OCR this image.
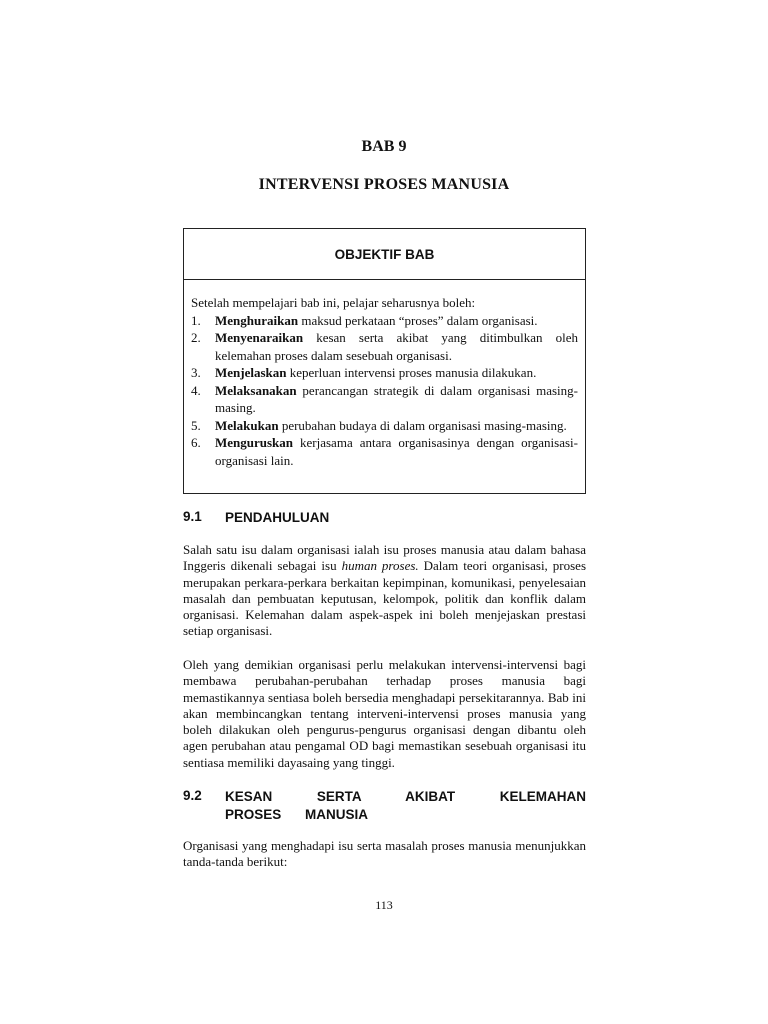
BAB 9
INTERVENSI PROSES MANUSIA
OBJEKTIF BAB
Setelah mempelajari bab ini, pelajar seharusnya boleh:
1.	Menghuraikan maksud perkataan “proses” dalam organisasi.
2.	Menyenaraikan kesan serta akibat yang ditimbulkan oleh kelemahan proses dalam sesebuah organisasi.
3.	Menjelaskan keperluan intervensi proses manusia dilakukan.
4.	Melaksanakan perancangan strategik di dalam organisasi masing-masing.
5.	Melakukan perubahan budaya di dalam organisasi masing-masing.
6.	Menguruskan kerjasama antara organisasinya dengan organisasi-organisasi lain.
9.1	PENDAHULUAN

Salah satu isu dalam organisasi ialah isu proses manusia atau dalam bahasa Inggeris dikenali sebagai isu human proses. Dalam teori organisasi, proses merupakan perkara-perkara berkaitan kepimpinan, komunikasi, penyelesaian masalah dan pembuatan keputusan, kelompok, politik dan konflik dalam organisasi. Kelemahan dalam aspek-aspek ini boleh menjejaskan prestasi setiap organisasi.

Oleh yang demikian organisasi perlu melakukan intervensi-intervensi bagi membawa perubahan-perubahan terhadap proses manusia bagi memastikannya sentiasa boleh bersedia menghadapi persekitarannya. Bab ini akan membincangkan tentang interveni-intervensi proses manusia yang boleh dilakukan oleh pengurus-pengurus organisasi dengan dibantu oleh agen perubahan atau pengamal OD bagi memastikan sesebuah organisasi itu sentiasa memiliki dayasaing yang tinggi.

9.2	KESAN SERTA AKIBAT KELEMAHAN PROSES MANUSIA

Organisasi yang menghadapi isu serta masalah proses manusia menunjukkan tanda-tanda berikut:

113
